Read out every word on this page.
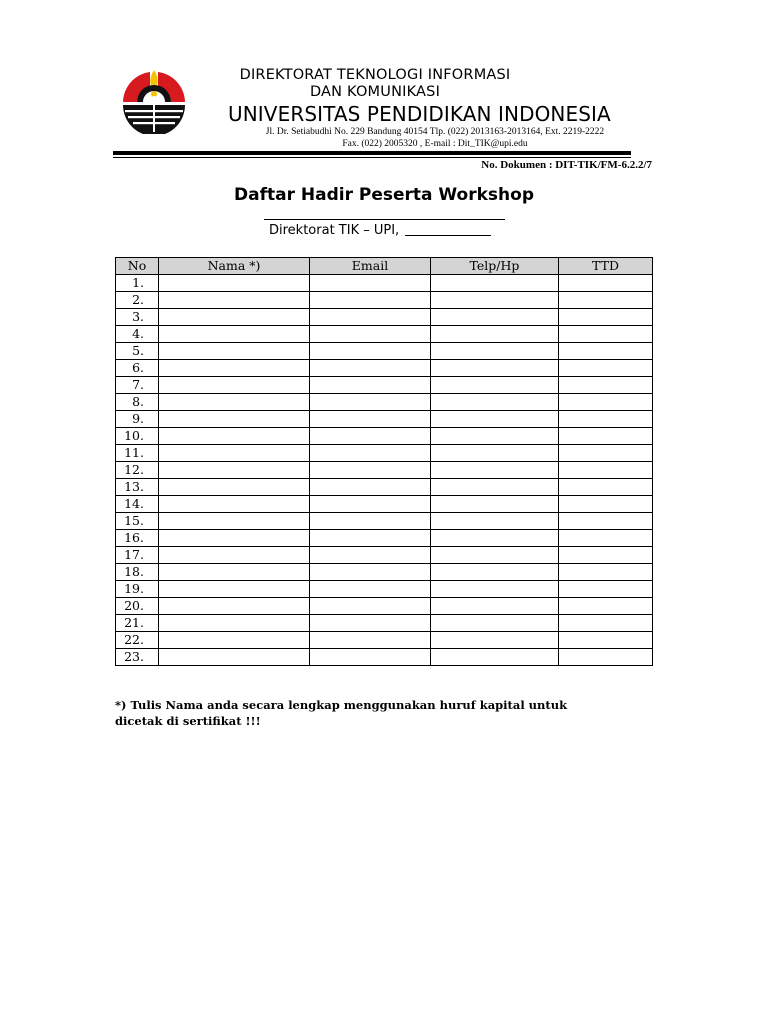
DIREKTORAT TEKNOLOGI INFORMASI DAN KOMUNIKASI
UNIVERSITAS PENDIDIKAN INDONESIA
Jl. Dr. Setiabudhi No. 229 Bandung 40154 Tlp. (022) 2013163-2013164, Ext. 2219-2222
Fax. (022) 2005320 , E-mail : Dit_TIK@upi.edu
No. Dokumen : DIT-TIK/FM-6.2.2/7
Daftar Hadir Peserta Workshop
Direktorat TIK – UPI,
No	Nama *)	Email	Telp/Hp	TTD
1.				
2.				
3.				
4.				
5.				
6.				
7.				
8.				
9.				
10.				
11.				
12.				
13.				
14.				
15.				
16.				
17.				
18.				
19.				
20.				
21.				
22.				
23.				
*) Tulis Nama anda secara lengkap menggunakan huruf kapital untuk dicetak di sertifikat !!!
